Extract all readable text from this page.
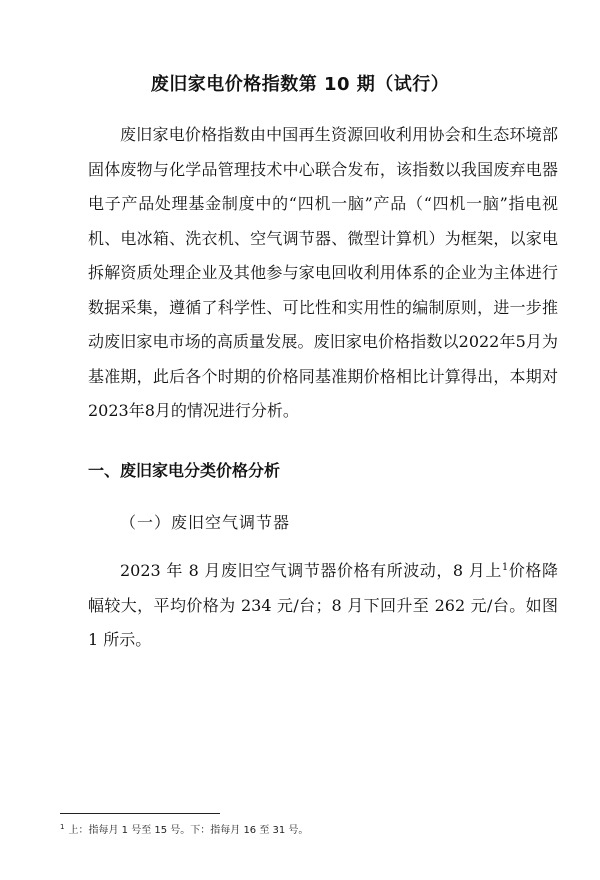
废旧家电价格指数第 10 期（试行）

废旧家电价格指数由中国再生资源回收利用协会和生态环境部固体废物与化学品管理技术中心联合发布，该指数以我国废弃电器电子产品处理基金制度中的“四机一脑”产品（“四机一脑”指电视机、电冰箱、洗衣机、空气调节器、微型计算机）为框架，以家电拆解资质处理企业及其他参与家电回收利用体系的企业为主体进行数据采集，遵循了科学性、可比性和实用性的编制原则，进一步推动废旧家电市场的高质量发展。废旧家电价格指数以2022年5月为基准期，此后各个时期的价格同基准期价格相比计算得出，本期对2023年8月的情况进行分析。

一、废旧家电分类价格分析
（一）废旧空气调节器

2023 年 8 月废旧空气调节器价格有所波动，8 月上$^1$价格降幅较大，平均价格为 234 元/台；8 月下回升至 262 元/台。如图 1 所示。

$^1$ 上：指每月 1 号至 15 号。下：指每月 16 至 31 号。
